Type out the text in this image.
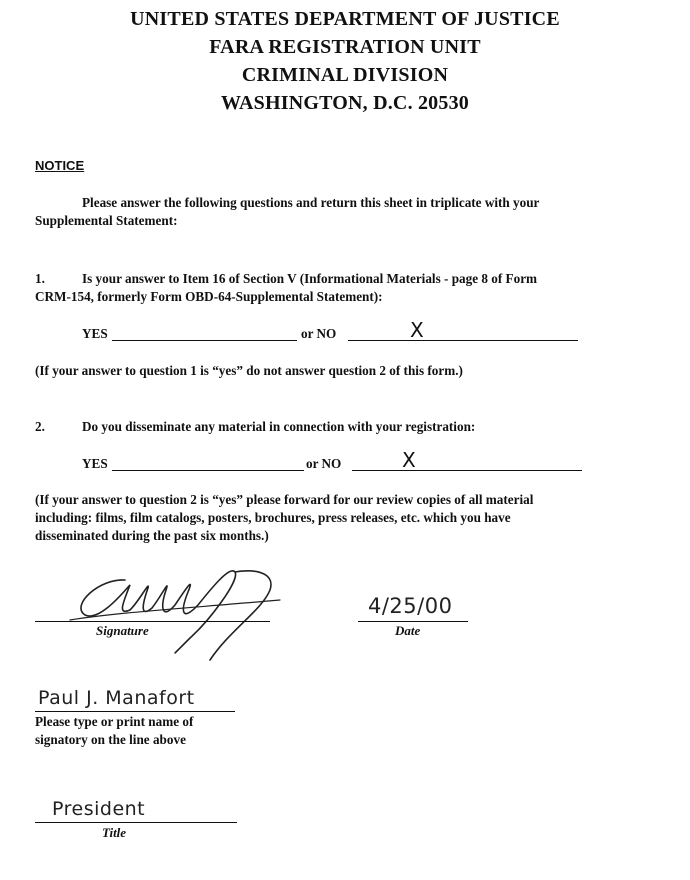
UNITED STATES DEPARTMENT OF JUSTICE
FARA REGISTRATION UNIT
CRIMINAL DIVISION
WASHINGTON, D.C. 20530
NOTICE
Please answer the following questions and return this sheet in triplicate with your
Supplemental Statement:
1.	Is your answer to Item 16 of Section V (Informational Materials - page 8 of Form
CRM-154, formerly Form OBD-64-Supplemental Statement):
YES	or NO	X
(If your answer to question 1 is “yes” do not answer question 2 of this form.)
2.	Do you disseminate any material in connection with your registration:
YES	or NO	X
(If your answer to question 2 is “yes” please forward for our review copies of all material
including: films, film catalogs, posters, brochures, press releases, etc. which you have
disseminated during the past six months.)
Signature
4/25/00
Date
Paul J. Manafort
Please type or print name of
signatory on the line above
President
Title
